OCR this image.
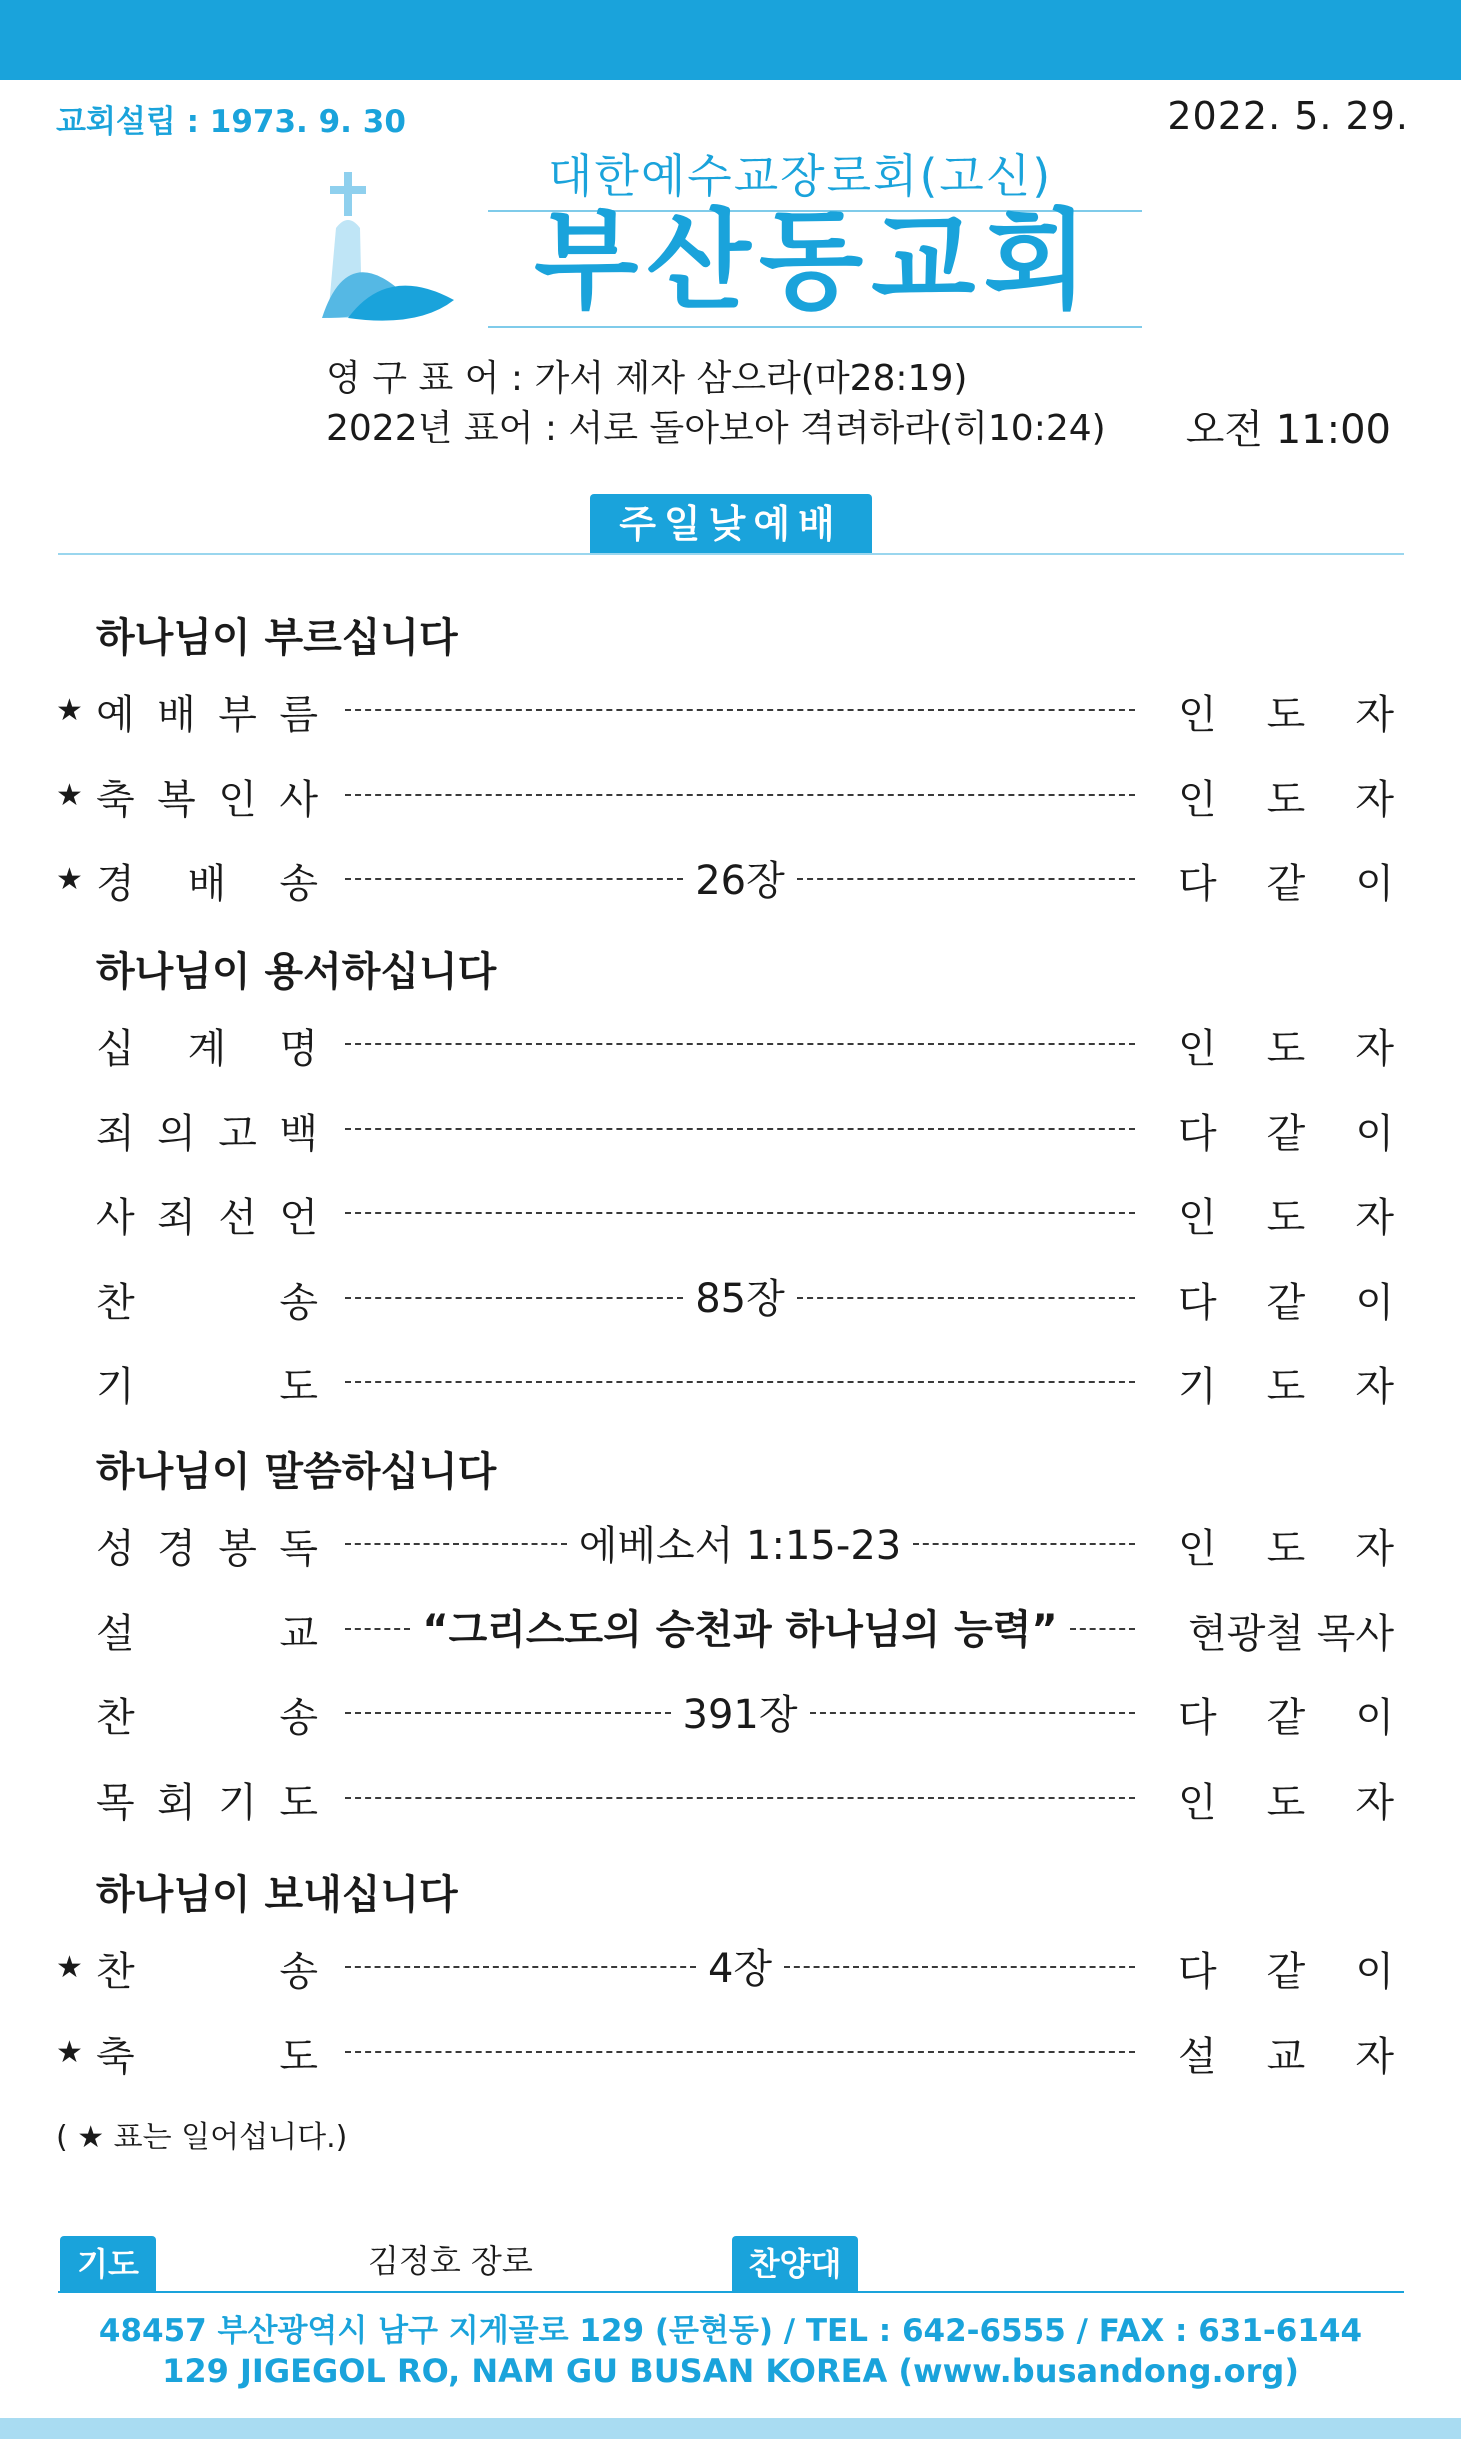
교회설립 : 1973. 9. 30	2022. 5. 29.
대한예수교장로회(고신)
부산동교회
영 구 표 어 : 가서 제자 삼으라(마28:19)
2022년 표어 : 서로 돌아보아 격려하라(히10:24) 오전 11:00
주일낮예배
하나님이 부르십니다
★ 예 배 부 름	인 도 자
★ 축 복 인 사	인 도 자
★ 경 배 송	26장	다 같 이
하나님이 용서하십니다
십 계 명	인 도 자
죄 의 고 백	다 같 이
사 죄 선 언	인 도 자
찬	송	85장	다 같 이
기	도	기 도 자
하나님이 말씀하십니다
성 경 봉 독	에베소서 1:15-23	인 도 자
설	교	“그리스도의 승천과 하나님의 능력”	현광철 목사
찬	송	391장	다 같 이
목 회 기 도	인 도 자
하나님이 보내십니다
★ 찬	송	4장	다 같 이
★ 축	도	설 교 자
( ★ 표는 일어섭니다.)
기도	김정호 장로	찬양대
48457 부산광역시 남구 지게골로 129 (문현동) / TEL : 642-6555 / FAX : 631-6144
129 JIGEGOL RO, NAM GU BUSAN KOREA (www.busandong.org)
